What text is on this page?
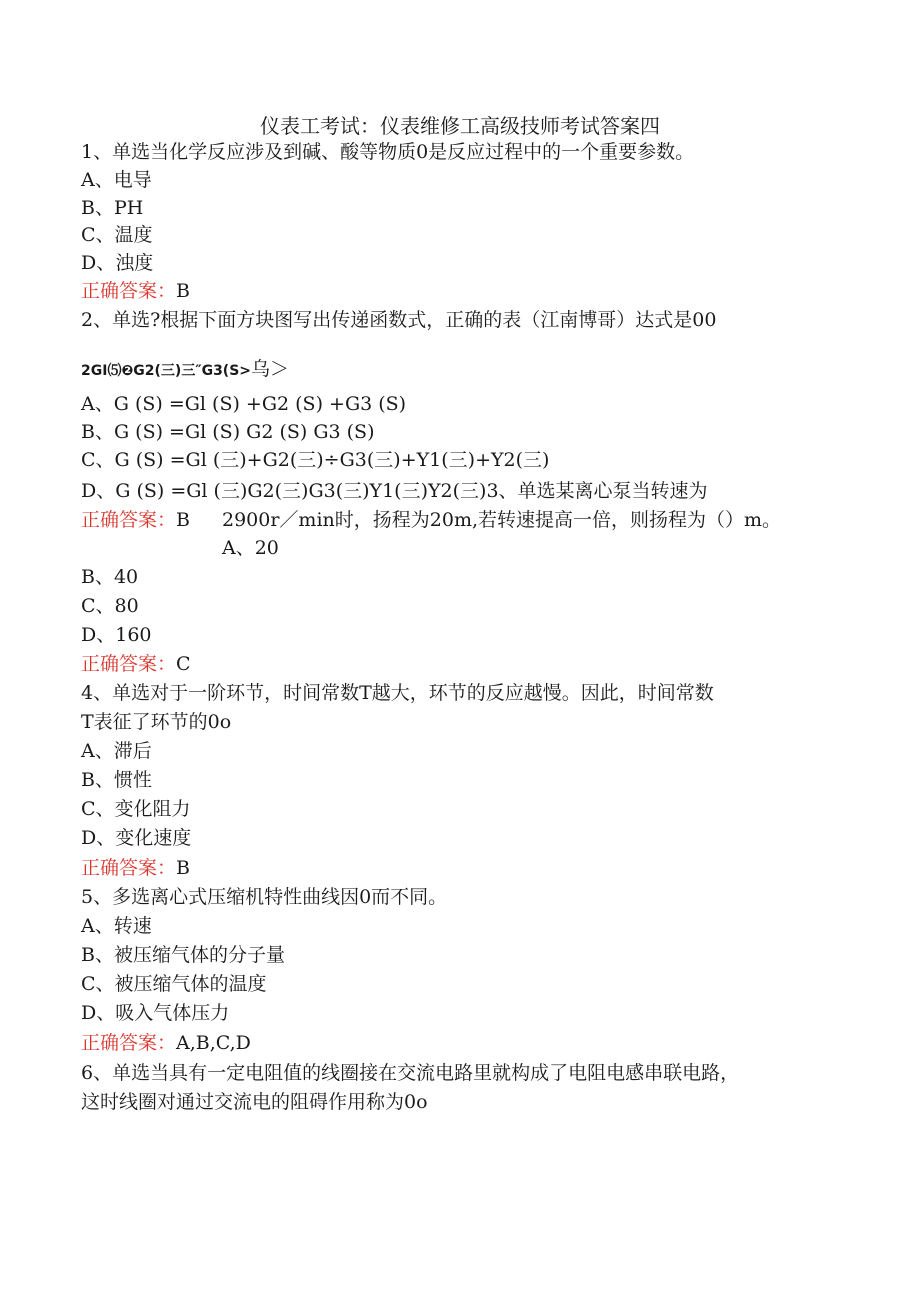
仪表工考试：仪表维修工高级技师考试答案四
1、单选当化学反应涉及到碱、酸等物质0是反应过程中的一个重要参数。
A、电导
B、PH
C、温度
D、浊度
正确答案：B
2、单选?根据下面方块图写出传递函数式，正确的表（江南博哥）达式是00
2GI⑸❷G2(三)三″G3(S>乌＞
A、G (S) =Gl (S) +G2 (S) +G3 (S)
B、G (S) =Gl (S) G2 (S) G3 (S)
C、G (S) =Gl (三)+G2(三)÷G3(三)+Y1(三)+Y2(三)
D、G (S) =Gl (三)G2(三)G3(三)Y1(三)Y2(三)3、单选某离心泵当转速为
正确答案：B 2900r／min时，扬程为20m,若转速提高一倍，则扬程为（）m。
A、20
B、40
C、80
D、160
正确答案：C
4、单选对于一阶环节，时间常数T越大，环节的反应越慢。因此，时间常数
T表征了环节的0o
A、滞后
B、惯性
C、变化阻力
D、变化速度
正确答案：B
5、多选离心式压缩机特性曲线因0而不同。
A、转速
B、被压缩气体的分子量
C、被压缩气体的温度
D、吸入气体压力
正确答案：A,B,C,D
6、单选当具有一定电阻值的线圈接在交流电路里就构成了电阻电感串联电路，
这时线圈对通过交流电的阻碍作用称为0o
